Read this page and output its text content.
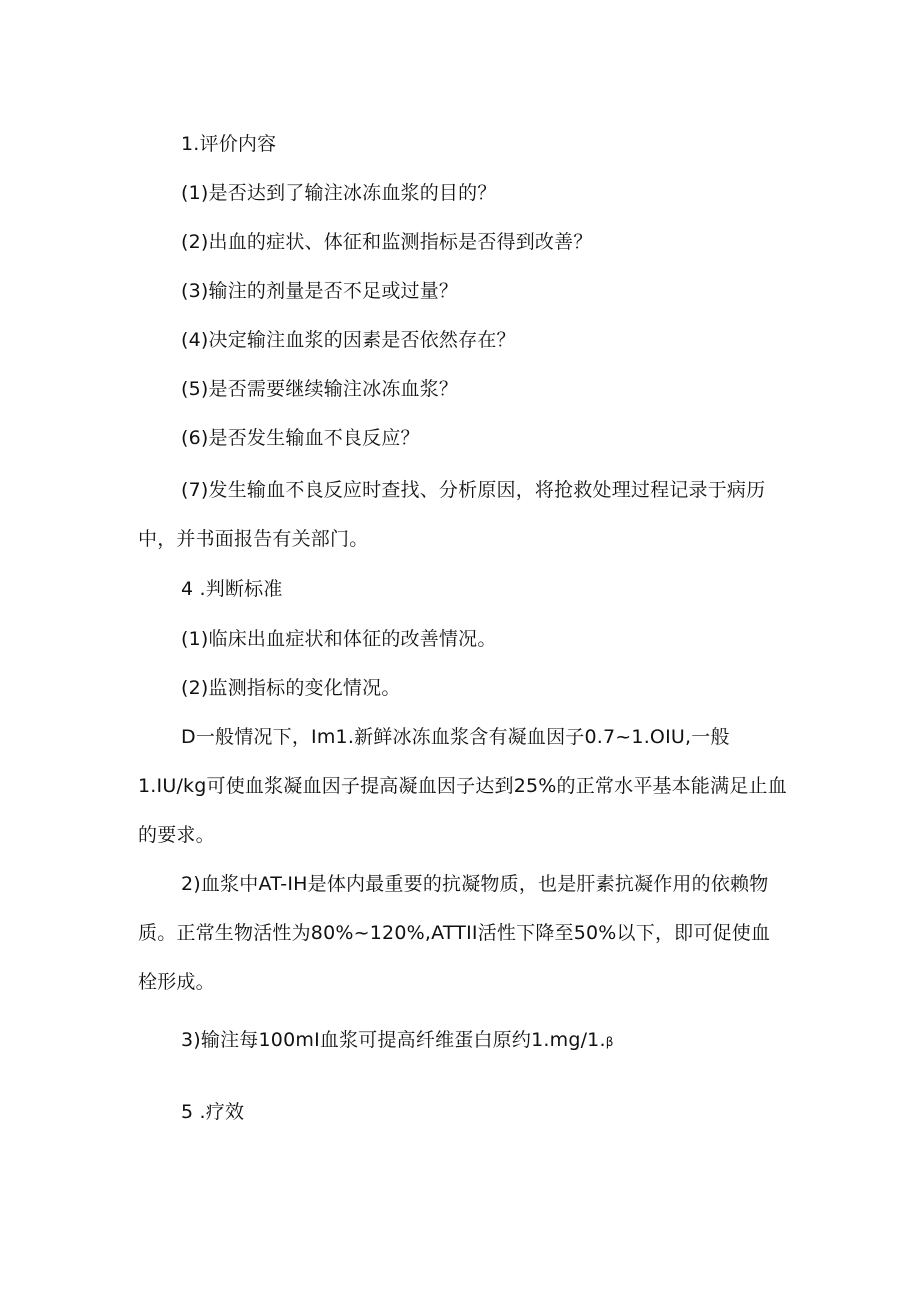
1.评价内容

(1)是否达到了输注冰冻血浆的目的？

(2)出血的症状、体征和监测指标是否得到改善？

(3)输注的剂量是否不足或过量？

(4)决定输注血浆的因素是否依然存在？

(5)是否需要继续输注冰冻血浆？

(6)是否发生输血不良反应？

(7)发生输血不良反应时查找、分析原因，将抢救处理过程记录于病历中，并书面报告有关部门。

4 .判断标准

(1)临床出血症状和体征的改善情况。

(2)监测指标的变化情况。

D一般情况下，Im1.新鲜冰冻血浆含有凝血因子0.7~1.OIU,一般1.IU/kg可使血浆凝血因子提高凝血因子达到25%的正常水平基本能满足止血的要求。

2)血浆中AT-IH是体内最重要的抗凝物质，也是肝素抗凝作用的依赖物质。正常生物活性为80%~120%,ATTII活性下降至50%以下，即可促使血栓形成。

3)输注每100mI血浆可提高纤维蛋白原约1.mg/1.β

5 .疗效
